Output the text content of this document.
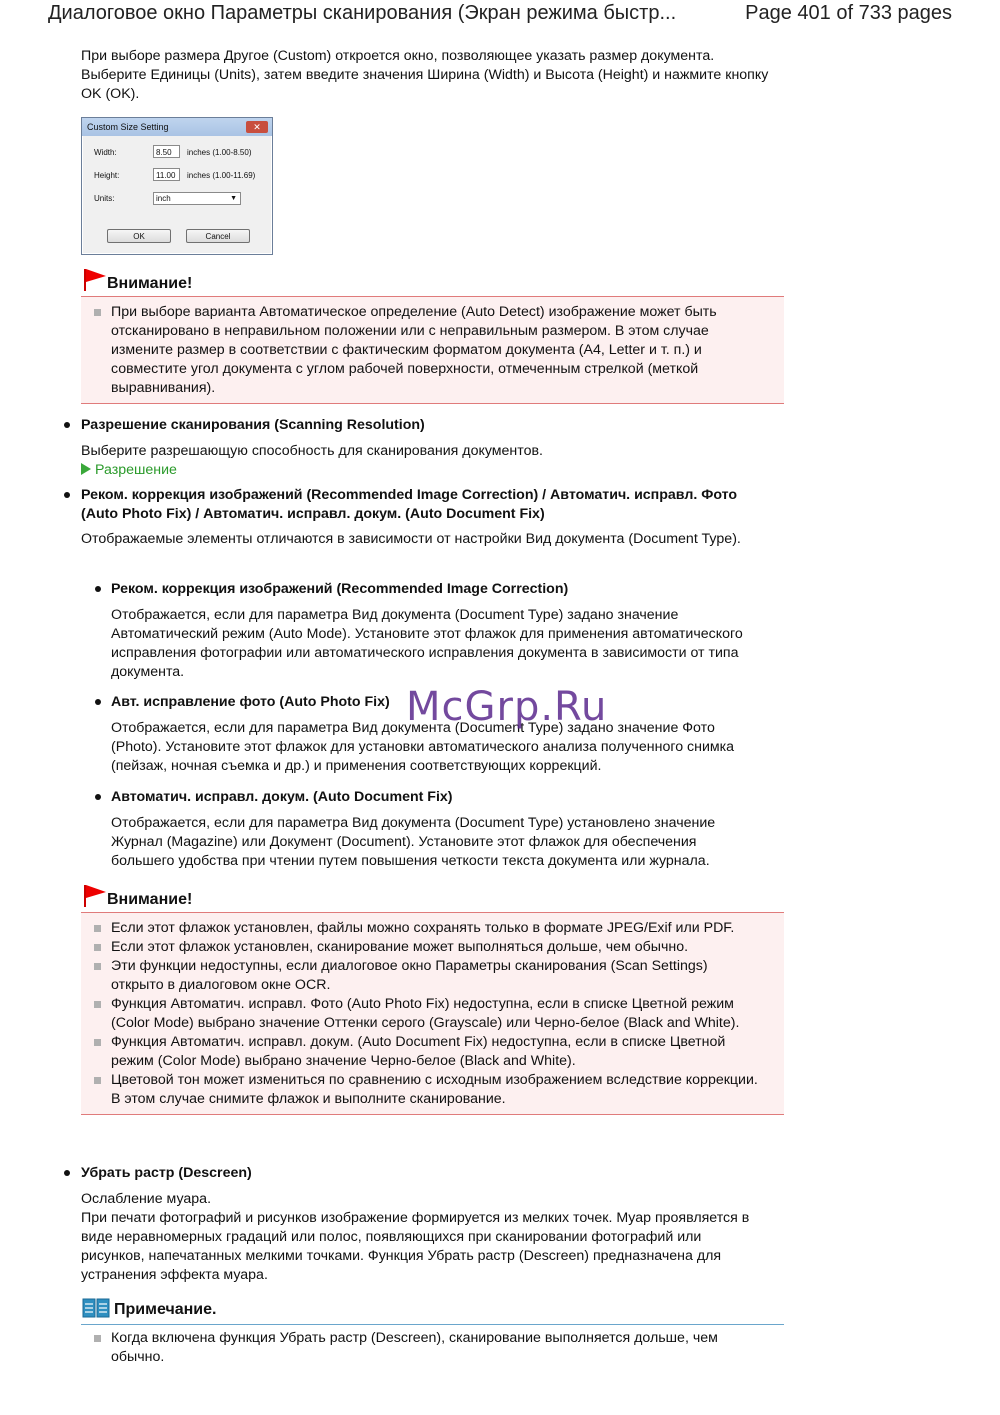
Диалоговое окно Параметры сканирования (Экран режима быстр...	Page 401 of 733 pages

При выборе размера Другое (Custom) откроется окно, позволяющее указать размер документа. Выберите Единицы (Units), затем введите значения Ширина (Width) и Высота (Height) и нажмите кнопку OK (OK).

Custom Size Setting	✕
Width:	8.50	inches (1.00-8.50)
Height:	11.00	inches (1.00-11.69)
Units:	inch	▼
OK	Cancel
Внимание!
При выборе варианта Автоматическое определение (Auto Detect) изображение может быть отсканировано в неправильном положении или с неправильным размером. В этом случае измените размер в соответствии с фактическим форматом документа (A4, Letter и т. п.) и совместите угол документа с углом рабочей поверхности, отмеченным стрелкой (меткой выравнивания).
Разрешение сканирования (Scanning Resolution)
Выберите разрешающую способность для сканирования документов.
Разрешение
Реком. коррекция изображений (Recommended Image Correction) / Автоматич. исправл. Фото (Auto Photo Fix) / Автоматич. исправл. докум. (Auto Document Fix)
Отображаемые элементы отличаются в зависимости от настройки Вид документа (Document Type).
Реком. коррекция изображений (Recommended Image Correction)
Отображается, если для параметра Вид документа (Document Type) задано значение Автоматический режим (Auto Mode). Установите этот флажок для применения автоматического исправления фотографии или автоматического исправления документа в зависимости от типа документа.
Авт. исправление фото (Auto Photo Fix)
Отображается, если для параметра Вид документа (Document Type) задано значение Фото (Photo). Установите этот флажок для установки автоматического анализа полученного снимка (пейзаж, ночная съемка и др.) и применения соответствующих коррекций.
Автоматич. исправл. докум. (Auto Document Fix)
Отображается, если для параметра Вид документа (Document Type) установлено значение Журнал (Magazine) или Документ (Document). Установите этот флажок для обеспечения большего удобства при чтении путем повышения четкости текста документа или журнала.
McGrp.Ru
Внимание!
Если этот флажок установлен, файлы можно сохранять только в формате JPEG/Exif или PDF.
Если этот флажок установлен, сканирование может выполняться дольше, чем обычно.
Эти функции недоступны, если диалоговое окно Параметры сканирования (Scan Settings) открыто в диалоговом окне OCR.
Функция Автоматич. исправл. Фото (Auto Photo Fix) недоступна, если в списке Цветной режим (Color Mode) выбрано значение Оттенки серого (Grayscale) или Черно-белое (Black and White).
Функция Автоматич. исправл. докум. (Auto Document Fix) недоступна, если в списке Цветной режим (Color Mode) выбрано значение Черно-белое (Black and White).
Цветовой тон может измениться по сравнению с исходным изображением вследствие коррекции. В этом случае снимите флажок и выполните сканирование.
Убрать растр (Descreen)
Ослабление муара.
При печати фотографий и рисунков изображение формируется из мелких точек. Муар проявляется в виде неравномерных градаций или полос, появляющихся при сканировании фотографий или рисунков, напечатанных мелкими точками. Функция Убрать растр (Descreen) предназначена для устранения эффекта муара.
Примечание.
Когда включена функция Убрать растр (Descreen), сканирование выполняется дольше, чем обычно.
